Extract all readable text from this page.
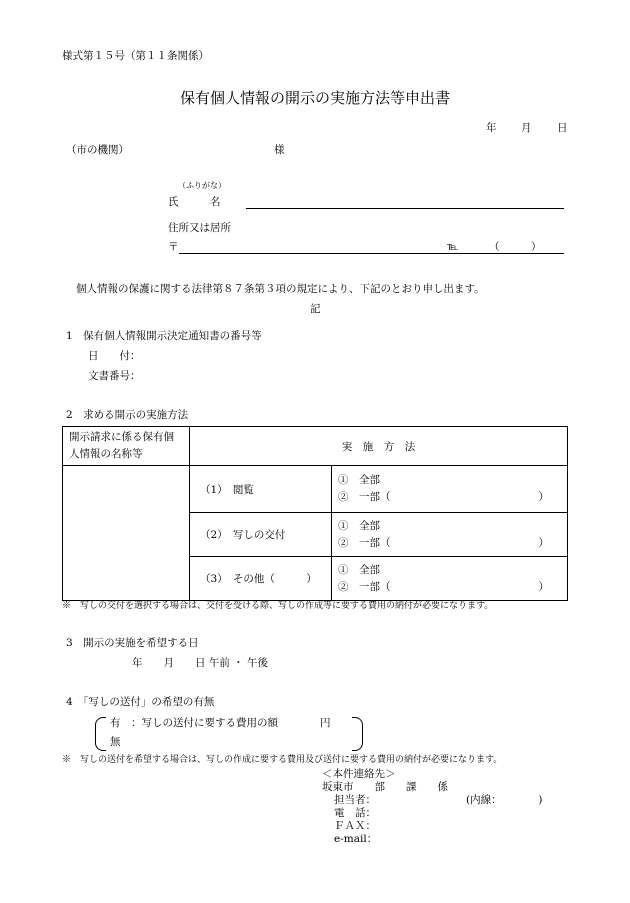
様式第１５号（第１１条関係）
保有個人情報の開示の実施方法等申出書
年 月 日
（市の機関）	様
（ふりがな）
氏　　　名
住所又は居所
〒	℡	（　　　）
個人情報の保護に関する法律第８７条第３項の規定により、下記のとおり申し出ます。
記
1　保有個人情報開示決定通知書の番号等
日　　付：
文書番号：
2　求める開示の実施方法
開示請求に係る保有個人情報の名称等	実　施　方　法	
	（1）　閲覧	①　全部
②　一部（ ）

	（2）　写しの交付	①　全部
②　一部（ ）

	（3）　その他（　　　）	①　全部
②　一部（ ）
※　写しの交付を選択する場合は、交付を受ける際、写しの作成等に要する費用の納付が必要になります。
3　開示の実施を希望する日
年　　月　　日 午前 ・ 午後
4　「写しの送付」の希望の有無
有　：写しの送付に要する費用の額　　　　円
無
※　写しの送付を希望する場合は、写しの作成に要する費用及び送付に要する費用の納付が必要になります。
＜本件連絡先＞
坂東市　　部　　課　　係
担当者：	(内線：　　　　)
電　話：
ＦＡＸ：
e-mail：
